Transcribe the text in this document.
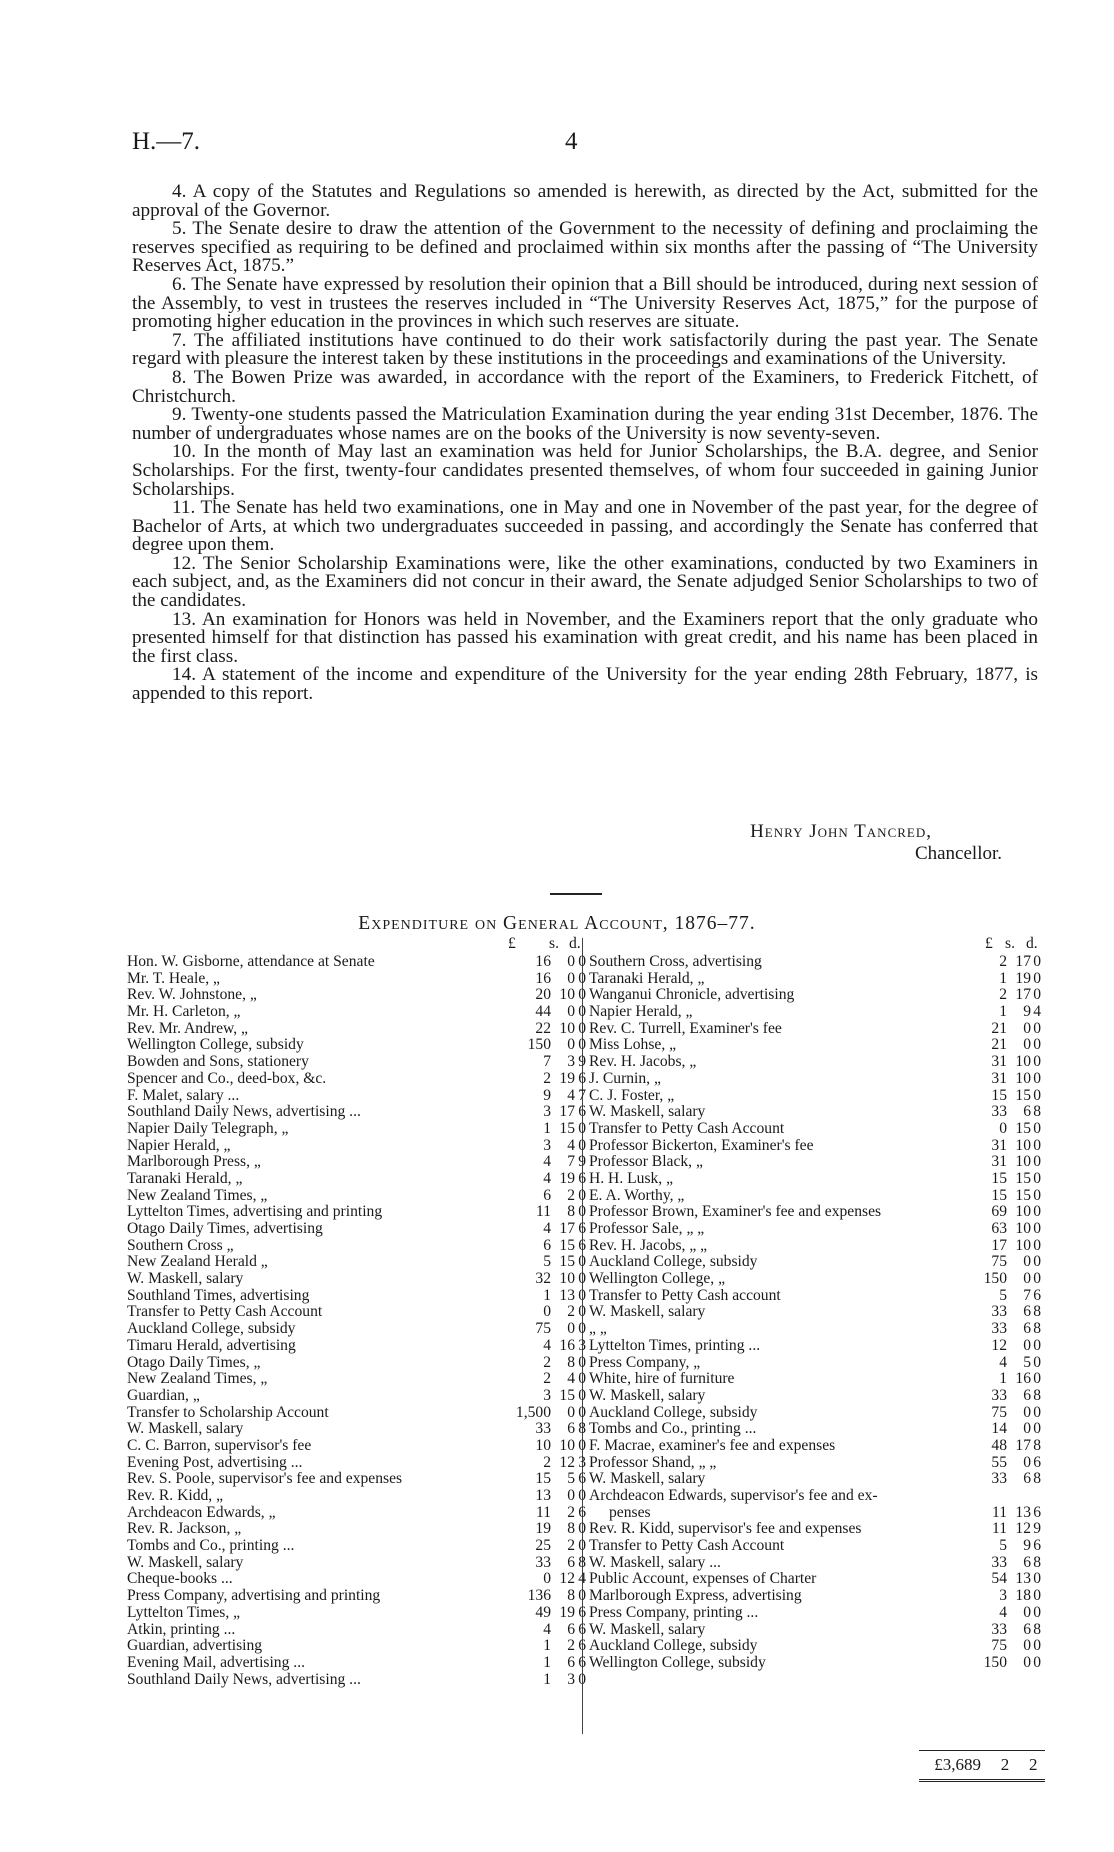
H.—7.	4

4. A copy of the Statutes and Regulations so amended is herewith, as directed by the Act, submitted for the approval of the Governor.

5. The Senate desire to draw the attention of the Government to the necessity of defining and proclaiming the reserves specified as requiring to be defined and proclaimed within six months after the passing of “The University Reserves Act, 1875.”

6. The Senate have expressed by resolution their opinion that a Bill should be introduced, during next session of the Assembly, to vest in trustees the reserves included in “The University Reserves Act, 1875,” for the purpose of promoting higher education in the provinces in which such reserves are situate.

7. The affiliated institutions have continued to do their work satisfactorily during the past year. The Senate regard with pleasure the interest taken by these institutions in the proceedings and examinations of the University.

8. The Bowen Prize was awarded, in accordance with the report of the Examiners, to Frederick Fitchett, of Christchurch.

9. Twenty-one students passed the Matriculation Examination during the year ending 31st December, 1876. The number of undergraduates whose names are on the books of the University is now seventy-seven.

10. In the month of May last an examination was held for Junior Scholarships, the B.A. degree, and Senior Scholarships. For the first, twenty-four candidates presented themselves, of whom four succeeded in gaining Junior Scholarships.

11. The Senate has held two examinations, one in May and one in November of the past year, for the degree of Bachelor of Arts, at which two undergraduates succeeded in passing, and accordingly the Senate has conferred that degree upon them.

12. The Senior Scholarship Examinations were, like the other examinations, conducted by two Examiners in each subject, and, as the Examiners did not concur in their award, the Senate adjudged Senior Scholarships to two of the candidates.

13. An examination for Honors was held in November, and the Examiners report that the only graduate who presented himself for that distinction has passed his examination with great credit, and his name has been placed in the first class.

14. A statement of the income and expenditure of the University for the year ending 28th February, 1877, is appended to this report.

Henry John Tancred,
Chancellor.
Expenditure on General Account, 1876–77.
£ s. d.
Hon. W. Gisborne, attendance at Senate	16	0 0
Mr. T. Heale, „	16	0 0
Rev. W. Johnstone, „	20 10 0
Mr. H. Carleton, „	44	0 0
Rev. Mr. Andrew, „	22 10 0
Wellington College, subsidy	150	0 0
Bowden and Sons, stationery	7	3 9
Spencer and Co., deed-box, &c.	2 19 6
F. Malet, salary ...	9	4 7
Southland Daily News, advertising ...	3 17 6
Napier Daily Telegraph, „	1 15 0
Napier Herald, „	3	4 0
Marlborough Press, „	4	7 9
Taranaki Herald, „	4 19 6
New Zealand Times, „	6	2 0
Lyttelton Times, advertising and printing	11	8 0
Otago Daily Times, advertising	4 17 6
Southern Cross „	6 15 6
New Zealand Herald „	5 15 0
W. Maskell, salary	32 10 0
Southland Times, advertising	1 13 0
Transfer to Petty Cash Account	0	2 0
Auckland College, subsidy	75	0 0
Timaru Herald, advertising	4 16 3
Otago Daily Times, „	2	8 0
New Zealand Times, „	2	4 0
Guardian, „	3 15 0
Transfer to Scholarship Account	1,500	0 0
W. Maskell, salary	33	6 8
C. C. Barron, supervisor's fee	10 10 0
Evening Post, advertising ...	2 12 3
Rev. S. Poole, supervisor's fee and expenses	15	5 6
Rev. R. Kidd, „	13	0 0
Archdeacon Edwards, „	11	2 6
Rev. R. Jackson, „	19	8 0
Tombs and Co., printing ...	25	2 0
W. Maskell, salary	33	6 8
Cheque-books ...	0 12 4
Press Company, advertising and printing	136	8 0
Lyttelton Times, „	49 19 6
Atkin, printing ...	4	6 6
Guardian, advertising	1	2 6
Evening Mail, advertising ...	1	6 6
Southland Daily News, advertising ...	1	3 0
£ s. d.
Southern Cross, advertising	2 17 0
Taranaki Herald, „	1 19 0
Wanganui Chronicle, advertising	2 17 0
Napier Herald, „	1	9 4
Rev. C. Turrell, Examiner's fee	21	0 0
Miss Lohse, „	21	0 0
Rev. H. Jacobs, „	31 10 0
J. Curnin, „	31 10 0
C. J. Foster, „	15 15 0
W. Maskell, salary	33	6 8
Transfer to Petty Cash Account	0 15 0
Professor Bickerton, Examiner's fee	31 10 0
Professor Black, „	31 10 0
H. H. Lusk, „	15 15 0
E. A. Worthy, „	15 15 0
Professor Brown, Examiner's fee and expenses	69 10 0
Professor Sale, „ „	63 10 0
Rev. H. Jacobs, „ „	17 10 0
Auckland College, subsidy	75	0 0
Wellington College, „	150	0 0
Transfer to Petty Cash account	5	7 6
W. Maskell, salary	33	6 8
„ „	33	6 8
Lyttelton Times, printing ...	12	0 0
Press Company, „	4	5 0
White, hire of furniture	1 16 0
W. Maskell, salary	33	6 8
Auckland College, subsidy	75	0 0
Tombs and Co., printing ...	14	0 0
F. Macrae, examiner's fee and expenses	48 17 8
Professor Shand, „ „	55	0 6
W. Maskell, salary	33	6 8
Archdeacon Edwards, supervisor's fee and ex-
penses	11 13 6
Rev. R. Kidd, supervisor's fee and expenses	11 12 9
Transfer to Petty Cash Account	5	9 6
W. Maskell, salary ...	33	6 8
Public Account, expenses of Charter	54 13 0
Marlborough Express, advertising	3 18 0
Press Company, printing ...	4	0 0
W. Maskell, salary	33	6 8
Auckland College, subsidy	75	0 0
Wellington College, subsidy	150	0 0
£3,689 2 2
